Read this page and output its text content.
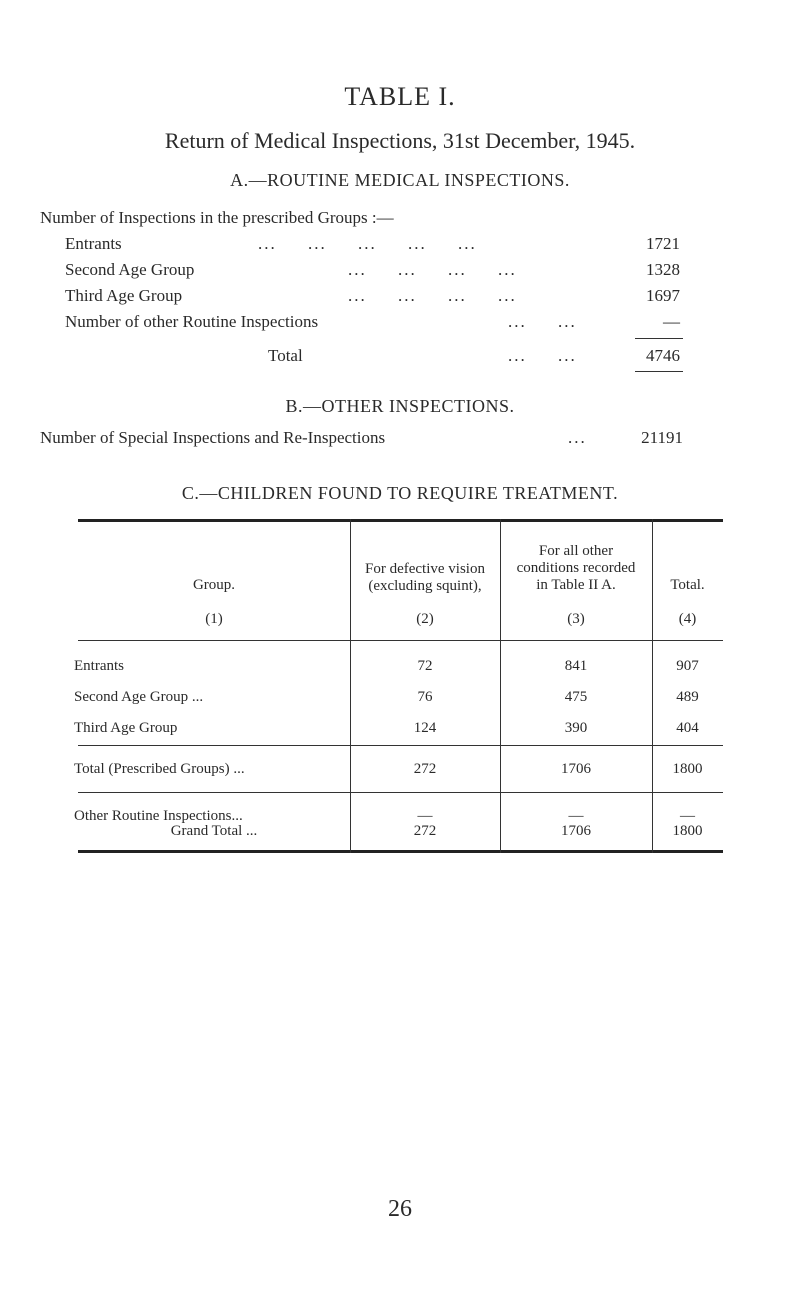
TABLE I.
Return of Medical Inspections, 31st December, 1945.
A.—ROUTINE MEDICAL INSPECTIONS.
Number of Inspections in the prescribed Groups :—
Entrants	...     ...     ...     ...     ...	1721
Second Age Group	...     ...     ...     ...	1328
Third Age Group	...     ...     ...     ...	1697
Number of other Routine Inspections	...     ...	—
Total	...     ...	4746
B.—OTHER INSPECTIONS.
Number of Special Inspections and Re-Inspections	...	21191
C.—CHILDREN FOUND TO REQUIRE TREATMENT.
Group.
(1)
For defective vision (excluding squint),
(2)
For all other conditions recorded in Table II A.
(3)
Total.
(4)
Entrants	72	841	907
Second Age Group ...	76	475	489
Third Age Group	124	390	404
Total (Prescribed Groups) ...	272	1706	1800
Other Routine Inspections...	—	—	—
Grand Total ...	272	1706	1800
26
